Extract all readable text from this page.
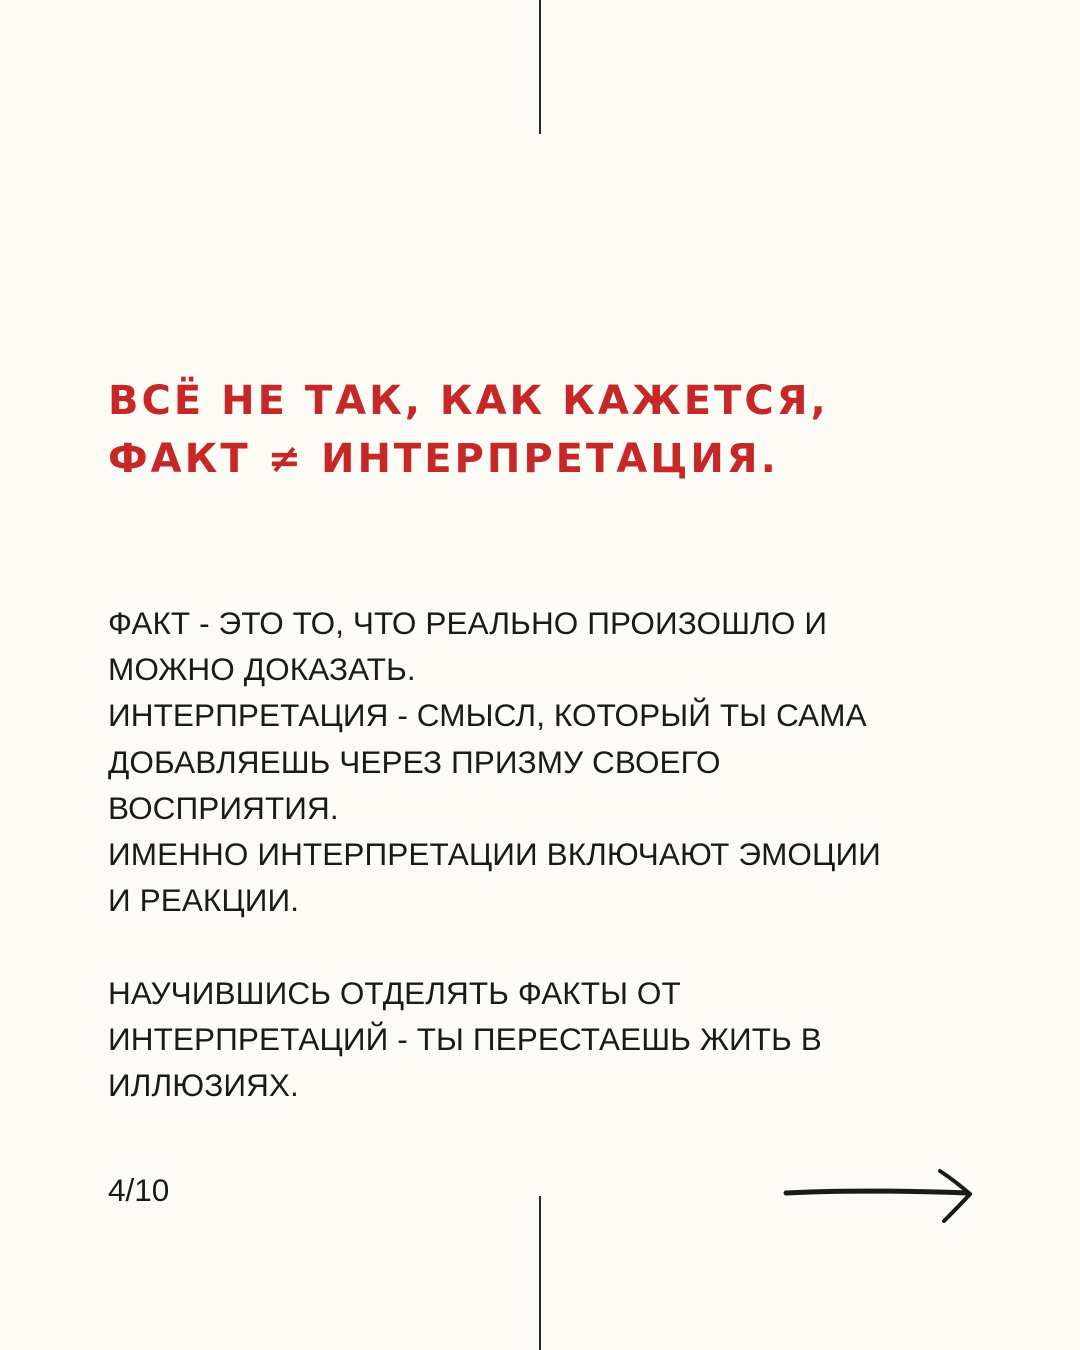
ВСЁ НЕ ТАК, КАК КАЖЕТСЯ,
ФАКТ ≠ ИНТЕРПРЕТАЦИЯ.
ФАКТ - ЭТО ТО, ЧТО РЕАЛЬНО ПРОИЗОШЛО И
МОЖНО ДОКАЗАТЬ.
ИНТЕРПРЕТАЦИЯ - СМЫСЛ, КОТОРЫЙ ТЫ САМА
ДОБАВЛЯЕШЬ ЧЕРЕЗ ПРИЗМУ СВОЕГО
ВОСПРИЯТИЯ.
ИМЕННО ИНТЕРПРЕТАЦИИ ВКЛЮЧАЮТ ЭМОЦИИ
И РЕАКЦИИ.
НАУЧИВШИСЬ ОТДЕЛЯТЬ ФАКТЫ ОТ
ИНТЕРПРЕТАЦИЙ - ТЫ ПЕРЕСТАЕШЬ ЖИТЬ В
ИЛЛЮЗИЯХ.
4/10
